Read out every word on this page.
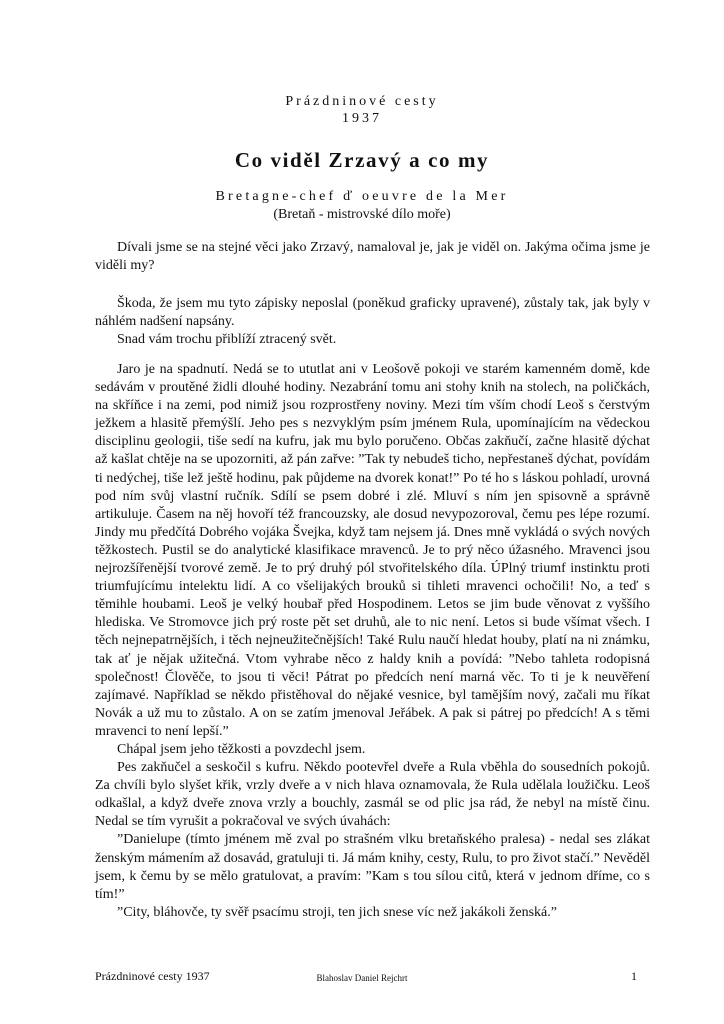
Prázdninové cesty
1937
Co viděl Zrzavý a co my
Bretagne-chef ď oeuvre de la Mer
(Bretaň - mistrovské dílo moře)

Dívali jsme se na stejné věci jako Zrzavý, namaloval je, jak je viděl on. Jakýma očima jsme je viděli my?

Škoda, že jsem mu tyto zápisky neposlal (poněkud graficky upravené), zůstaly tak, jak byly v náhlém nadšení napsány.

Snad vám trochu přiblíží ztracený svět.

Jaro je na spadnutí. Nedá se to ututlat ani v Leošově pokoji ve starém kamenném domě, kde sedávám v proutěné židli dlouhé hodiny. Nezabrání tomu ani stohy knih na stolech, na poličkách, na skříňce i na zemi, pod nimiž jsou rozprostřeny noviny. Mezi tím vším chodí Leoš s čerstvým ježkem a hlasitě přemýšlí. Jeho pes s nezvyklým psím jménem Rula, upomínajícím na vědeckou disciplinu geologii, tiše sedí na kufru, jak mu bylo poručeno. Občas zakňučí, začne hlasitě dýchat až kašlat chtěje na se upozorniti, až pán zařve: ”Tak ty nebudeš ticho, nepřestaneš dýchat, povídám ti nedýchej, tiše lež ještě hodinu, pak půjdeme na dvorek konat!” Po té ho s láskou pohladí, urovná pod ním svůj vlastní ručník. Sdílí se psem dobré i zlé. Mluví s ním jen spisovně a správně artikuluje. Časem na něj hovoří též francouzsky, ale dosud nevypozoroval, čemu pes lépe rozumí. Jindy mu předčítá Dobrého vojáka Švejka, když tam nejsem já. Dnes mně vykládá o svých nových těžkostech. Pustil se do analytické klasifikace mravenců. Je to prý něco úžasného. Mravenci jsou nejrozšířenější tvorové země. Je to prý druhý pól stvořitelského díla. ÚPlný triumf instinktu proti triumfujícímu intelektu lidí. A co všelijakých brouků si tihleti mravenci ochočili! No, a teď s těmihle houbami. Leoš je velký houbař před Hospodinem. Letos se jim bude věnovat z vyššího hlediska. Ve Stromovce jich prý roste pět set druhů, ale to nic není. Letos si bude všímat všech. I těch nejnepatrnějších, i těch nejneužitečnějších! Také Rulu naučí hledat houby, platí na ni známku, tak ať je nějak užitečná. Vtom vyhrabe něco z haldy knih a povídá: ”Nebo tahleta rodopisná společnost! Člověče, to jsou ti věci! Pátrat po předcích není marná věc. To ti je k neuvěření zajímavé. Například se někdo přistěhoval do nějaké vesnice, byl tamějším nový, začali mu říkat Novák a už mu to zůstalo. A on se zatím jmenoval Jeřábek. A pak si pátrej po předcích! A s těmi mravenci to není lepší.”

Chápal jsem jeho těžkosti a povzdechl jsem.

Pes zakňučel a seskočil s kufru. Někdo pootevřel dveře a Rula vběhla do sousedních pokojů. Za chvíli bylo slyšet křik, vrzly dveře a v nich hlava oznamovala, že Rula udělala loužičku. Leoš odkašlal, a když dveře znova vrzly a bouchly, zasmál se od plic jsa rád, že nebyl na místě činu. Nedal se tím vyrušit a pokračoval ve svých úvahách:

”Danielupe (tímto jménem mě zval po strašném vlku bretaňského pralesa) - nedal ses zlákat ženským mámením až dosavád, gratuluji ti. Já mám knihy, cesty, Rulu, to pro život stačí.” Nevěděl jsem, k čemu by se mělo gratulovat, a pravím: ”Kam s tou sílou citů, která v jednom dříme, co s tím!”

”City, bláhovče, ty svěř psacímu stroji, ten jich snese víc než jakákoli ženská.”

Prázdninové cesty 1937	Blahoslav Daniel Rejchrt	1
